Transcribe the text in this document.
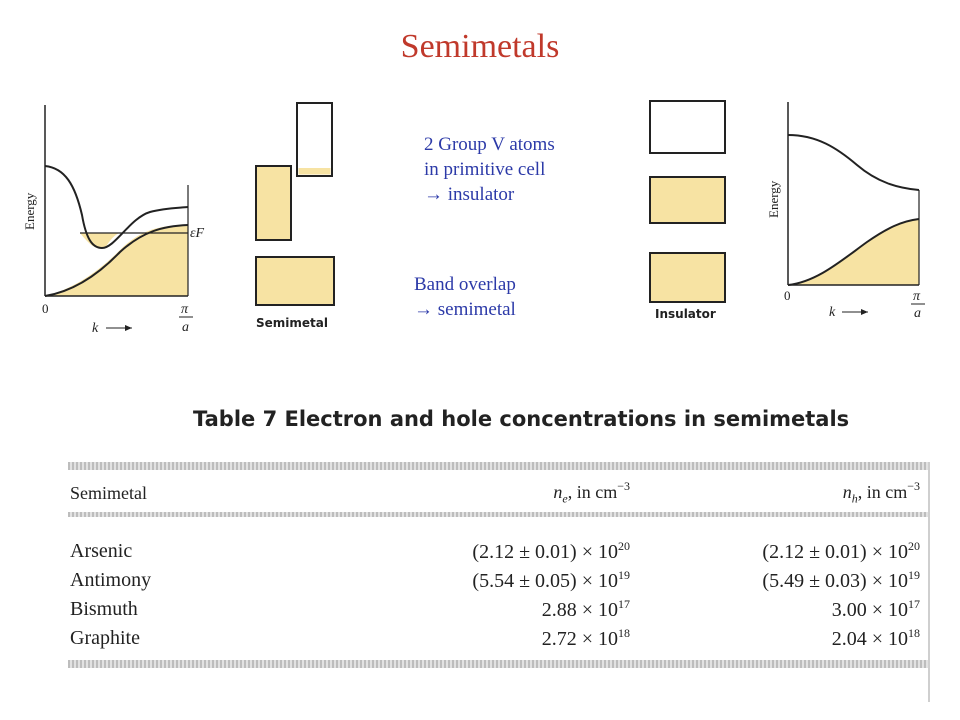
Semimetals
Energy
0
k
εF
π
a	Semimetal
2 Group V atoms
in primitive cell
→ insulator
Band overlap
→ semimetal	Insulator
Energy
0
k
π
a
Table 7 Electron and hole concentrations in semimetals
Semimetal	$n_e$, in $cm^{-3}$	$n_h$, in $cm^{-3}$

Arsenic	$(2.12 \pm 0.01) \times 10^{20}$	$(2.12 \pm 0.01) \times 10^{20}$
Antimony	$(5.54 \pm 0.05) \times 10^{19}$	$(5.49 \pm 0.03) \times 10^{19}$
Bismuth	$2.88 \times 10^{17}$	$3.00 \times 10^{17}$
Graphite	$2.72 \times 10^{18}$	$2.04 \times 10^{18}$
